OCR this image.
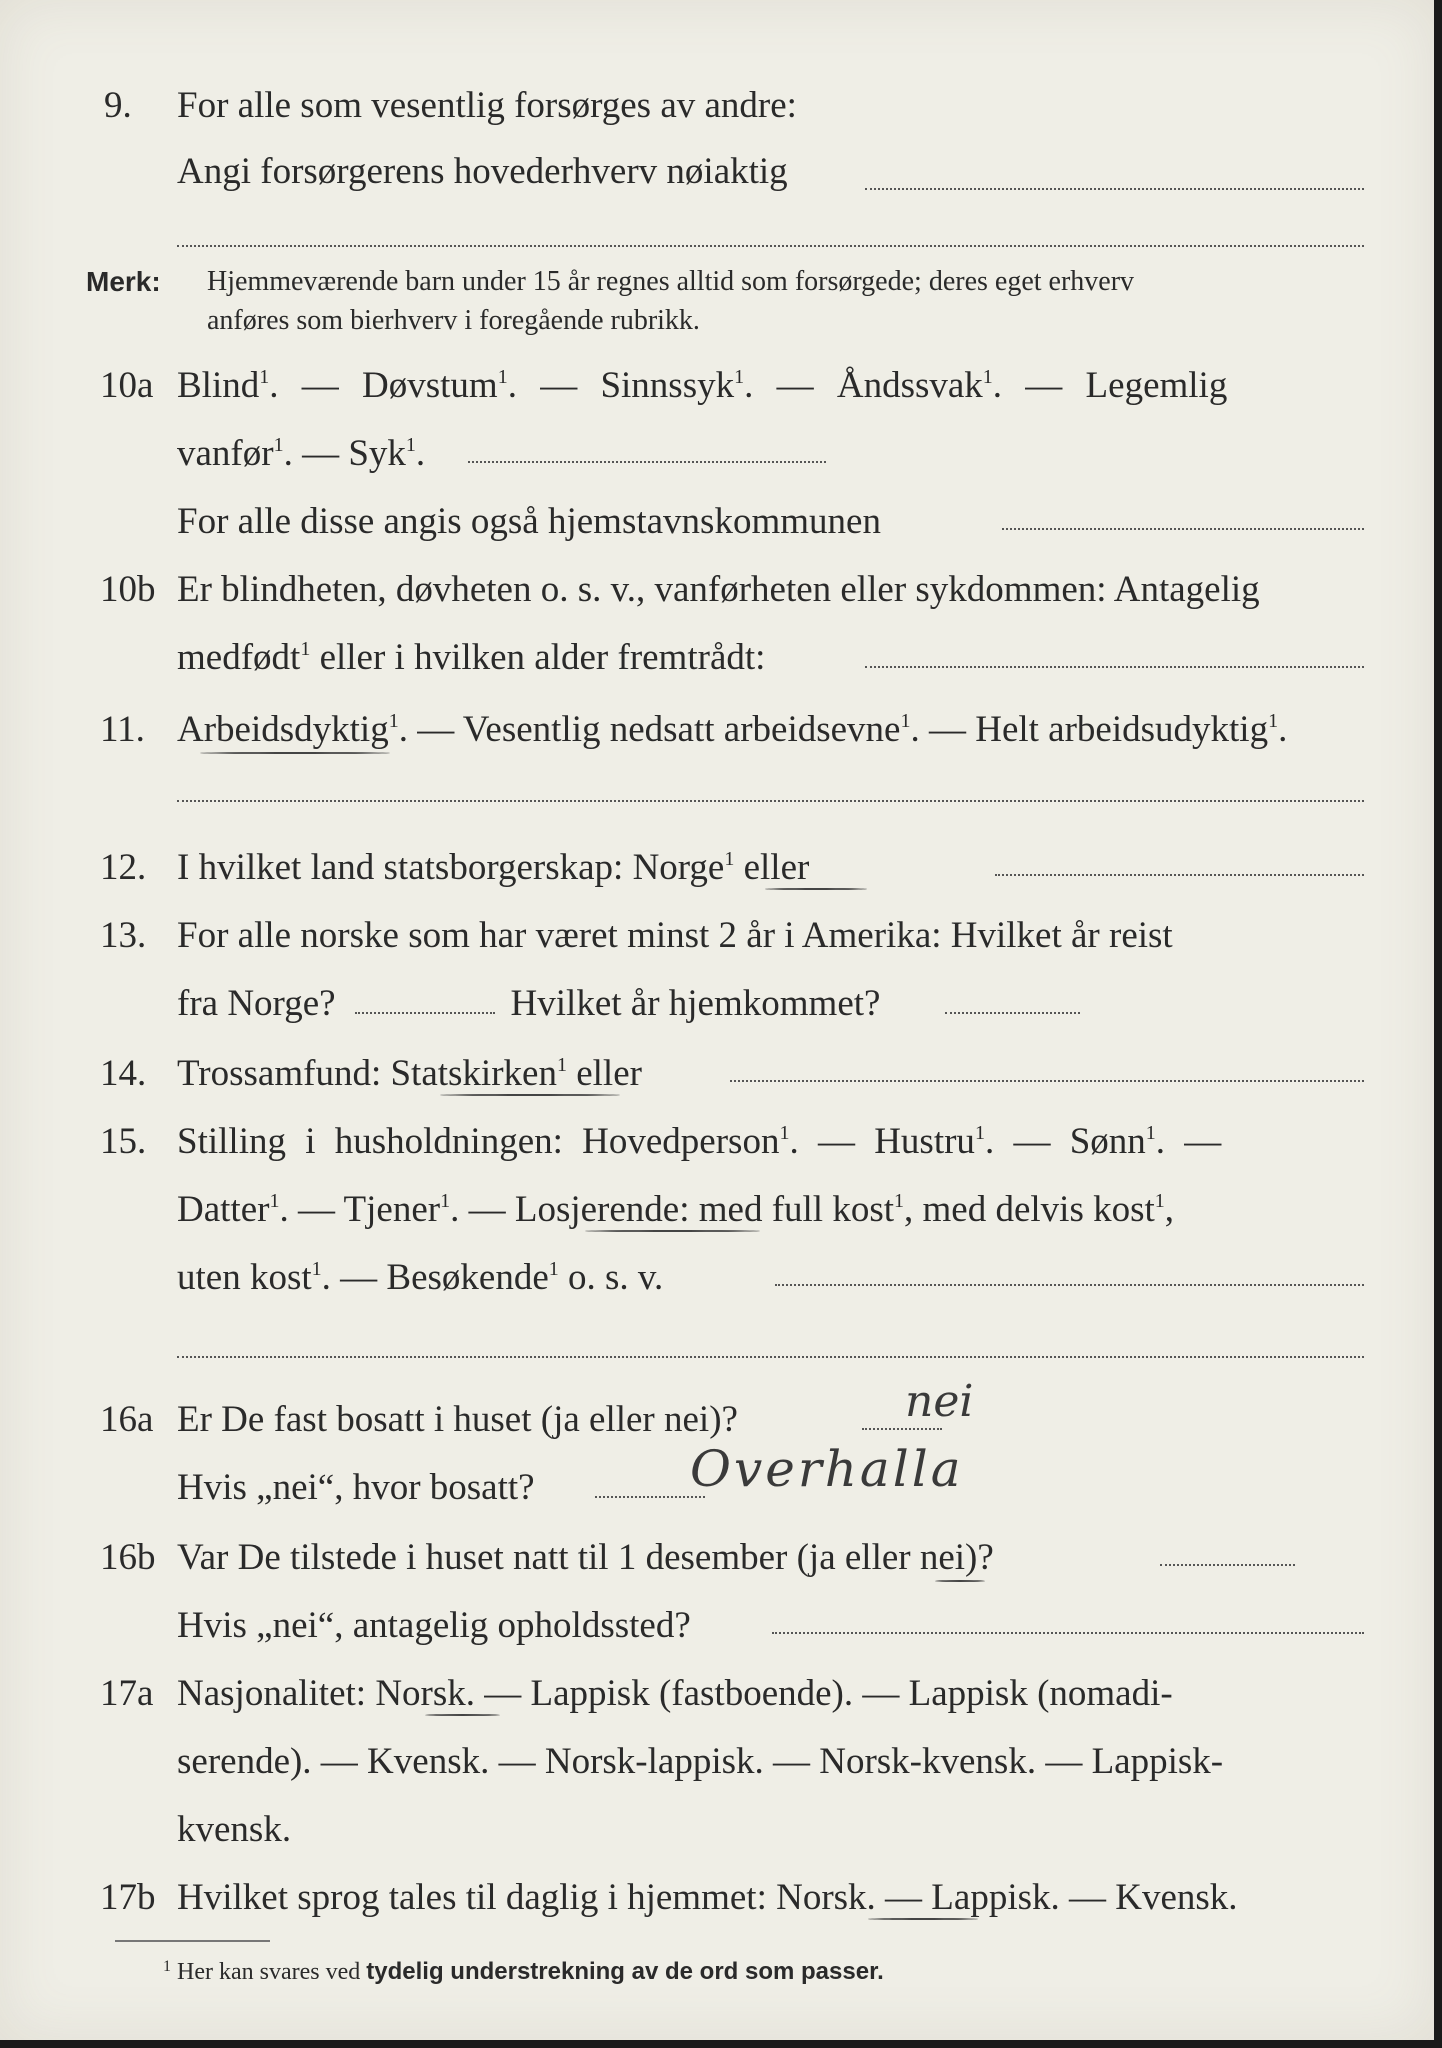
9. For alle som vesentlig forsørges av andre:
Angi forsørgerens hovederhverv nøiaktig
Merk: Hjemmeværende barn under 15 år regnes alltid som forsørgede; deres eget erhverv
anføres som bierhverv i foregående rubrikk.
10a Blind$^1$. — Døvstum$^1$. — Sinnssyk$^1$. — Åndssvak$^1$. — Legemlig
vanfør$^1$. — Syk$^1$.
For alle disse angis også hjemstavnskommunen
10b Er blindheten, døvheten o. s. v., vanførheten eller sykdommen: Antagelig
medfødt$^1$ eller i hvilken alder fremtrådt:
11. Arbeidsdyktig$^1$. — Vesentlig nedsatt arbeidsevne$^1$. — Helt arbeidsudyktig$^1$.
12. I hvilket land statsborgerskap: Norge$^1$ eller
13. For alle norske som har været minst 2 år i Amerika: Hvilket år reist
fra Norge?	Hvilket år hjemkommet?
14. Trossamfund: Statskirken$^1$ eller
15. Stilling i husholdningen: Hovedperson$^1$. — Hustru$^1$. — Sønn$^1$. —
Datter$^1$. — Tjener$^1$. — Losjerende: med full kost$^1$, med delvis kost$^1$,
uten kost$^1$. — Besøkende$^1$ o. s. v.
16a Er De fast bosatt i huset (ja eller nei)?	nei
Hvis „nei“, hvor bosatt?	Overhalla
16b Var De tilstede i huset natt til 1 desember (ja eller nei)?
Hvis „nei“, antagelig opholdssted?
17a Nasjonalitet: Norsk. — Lappisk (fastboende). — Lappisk (nomadi-
serende). — Kvensk. — Norsk-lappisk. — Norsk-kvensk. — Lappisk-
kvensk.
17b Hvilket sprog tales til daglig i hjemmet: Norsk. — Lappisk. — Kvensk.
$^1$ Her kan svares ved tydelig understrekning av de ord som passer.
